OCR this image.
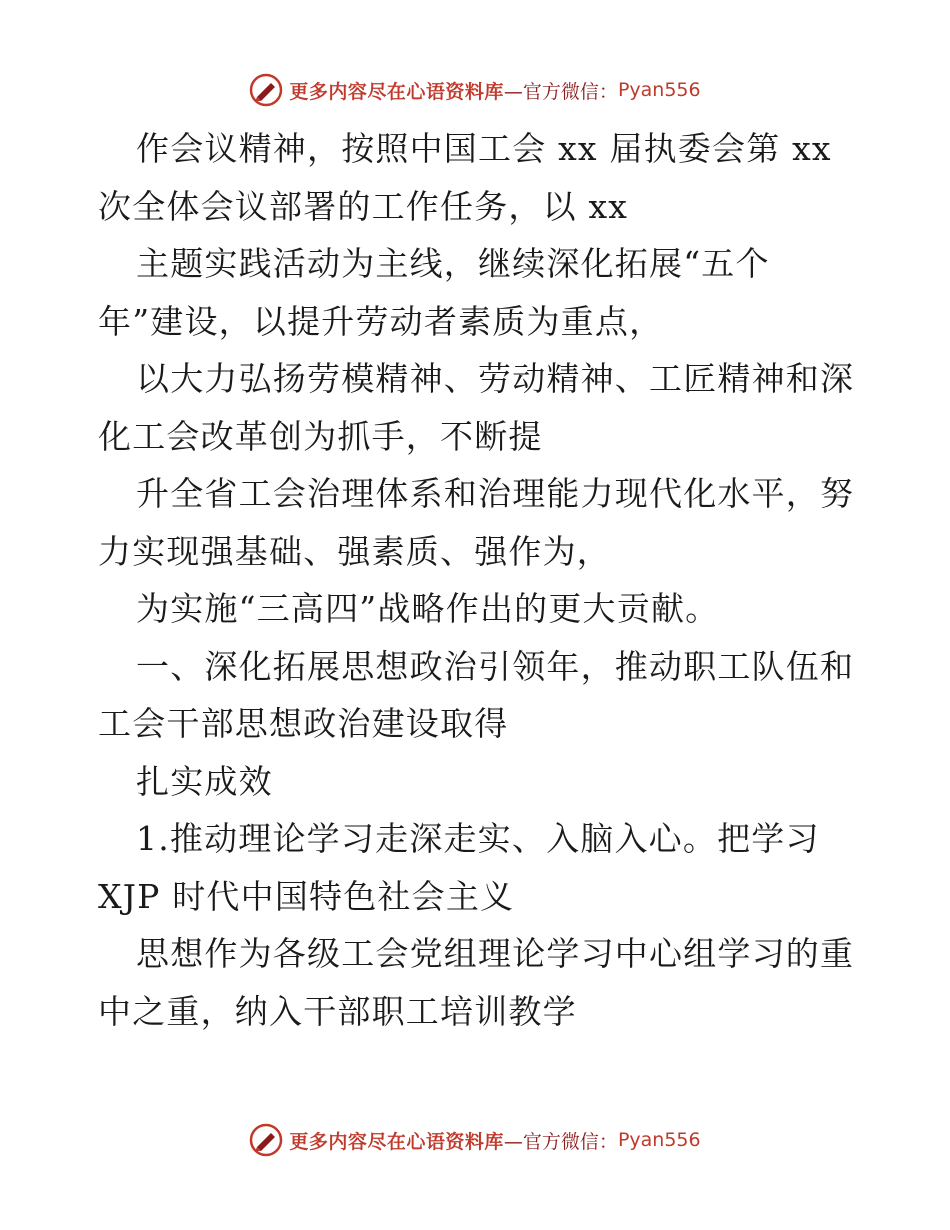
更多内容尽在心语资料库 —官方微信： Pyan556
作会议精神，按照中国工会 xx 届执委会第 xx
次全体会议部署的工作任务，以 xx
主题实践活动为主线，继续深化拓展“五个
年”建设，以提升劳动者素质为重点，
以大力弘扬劳模精神、劳动精神、工匠精神和深
化工会改革创为抓手，不断提
升全省工会治理体系和治理能力现代化水平，努
力实现强基础、强素质、强作为，
为实施“三高四”战略作出的更大贡献。
一、深化拓展思想政治引领年，推动职工队伍和
工会干部思想政治建设取得
扎实成效
1.推动理论学习走深走实、入脑入心。把学习
XJP 时代中国特色社会主义
思想作为各级工会党组理论学习中心组学习的重
中之重，纳入干部职工培训教学
更多内容尽在心语资料库 —官方微信： Pyan556
